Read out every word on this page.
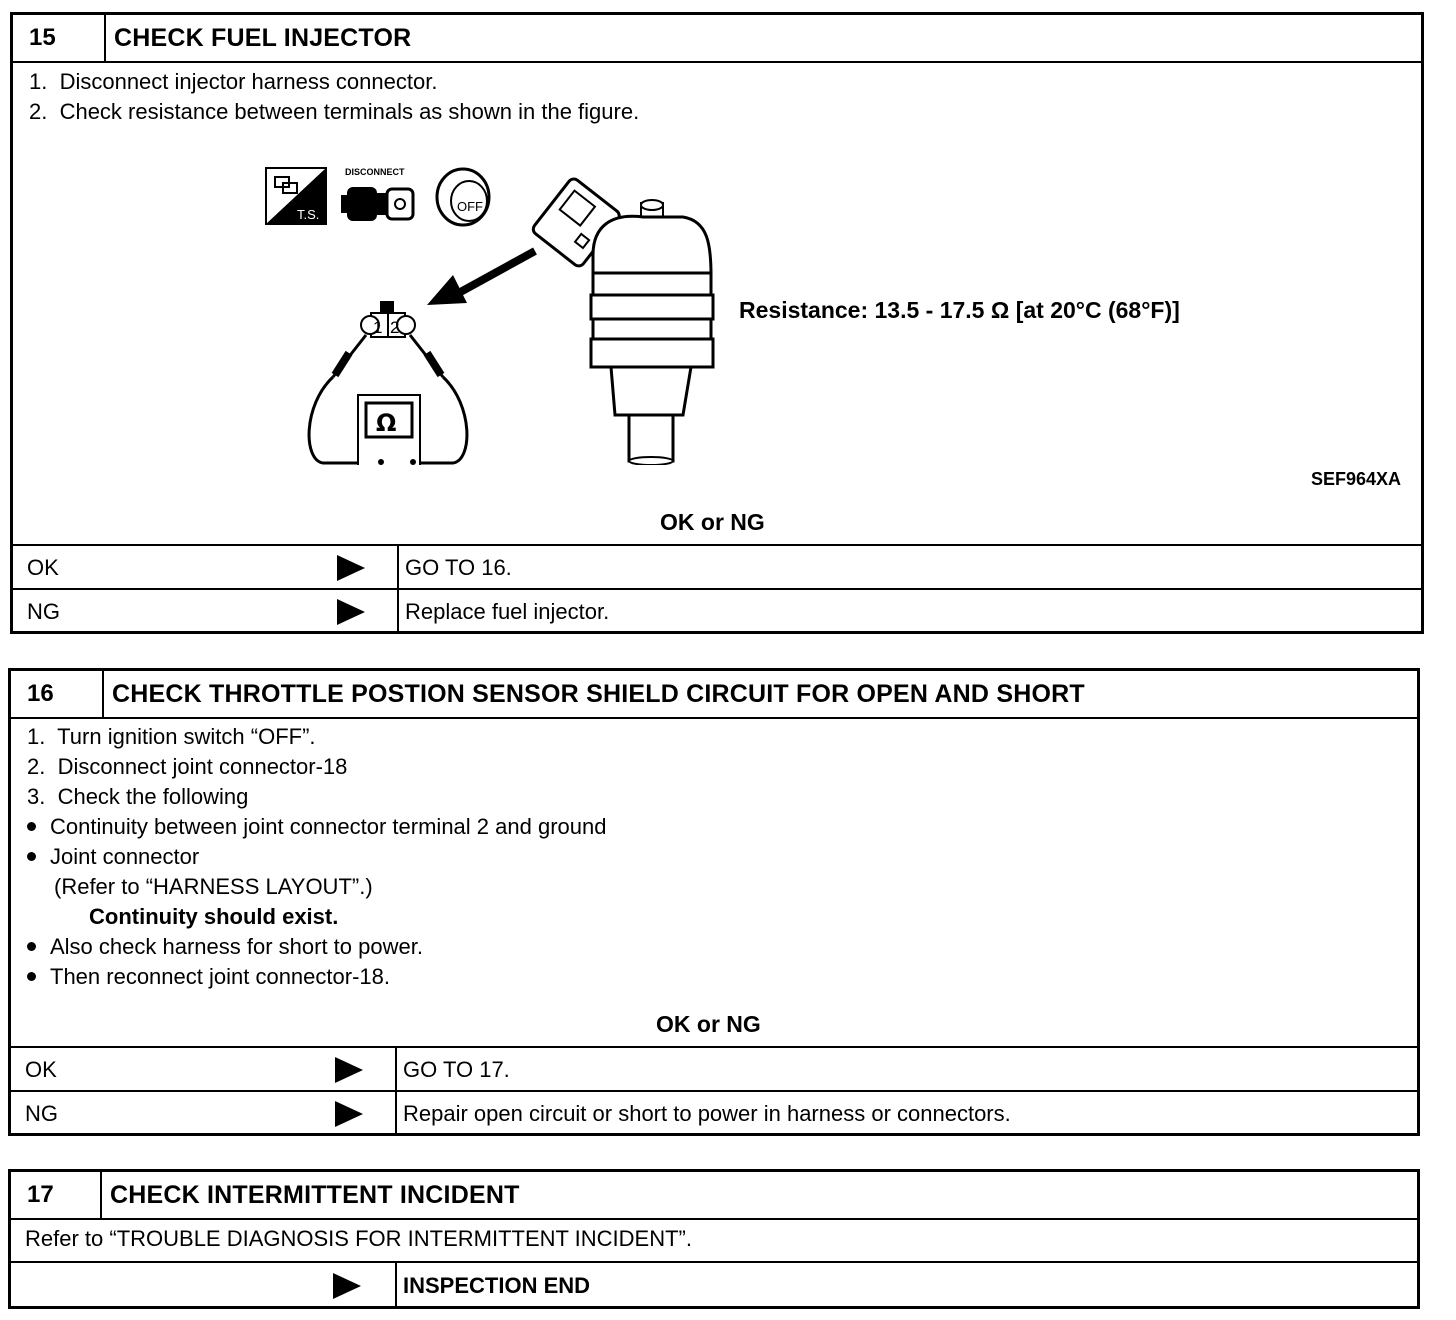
15	CHECK FUEL INJECTOR
1.  Disconnect injector harness connector.
2.  Check resistance between terminals as shown in the figure.
T.S.
DISCONNECT
OFF
1 2
Ω
Resistance: 13.5 - 17.5 Ω [at 20°C (68°F)]
SEF964XA
OK or NG
OK	GO TO 16.
NG	Replace fuel injector.
16	CHECK THROTTLE POSTION SENSOR SHIELD CIRCUIT FOR OPEN AND SHORT
1.  Turn ignition switch “OFF”.
2.  Disconnect joint connector-18
3.  Check the following
Continuity between joint connector terminal 2 and ground
Joint connector
(Refer to “HARNESS LAYOUT”.)
Continuity should exist.
Also check harness for short to power.
Then reconnect joint connector-18.
OK or NG
OK	GO TO 17.
NG	Repair open circuit or short to power in harness or connectors.
17	CHECK INTERMITTENT INCIDENT
Refer to “TROUBLE DIAGNOSIS FOR INTERMITTENT INCIDENT”.
INSPECTION END
